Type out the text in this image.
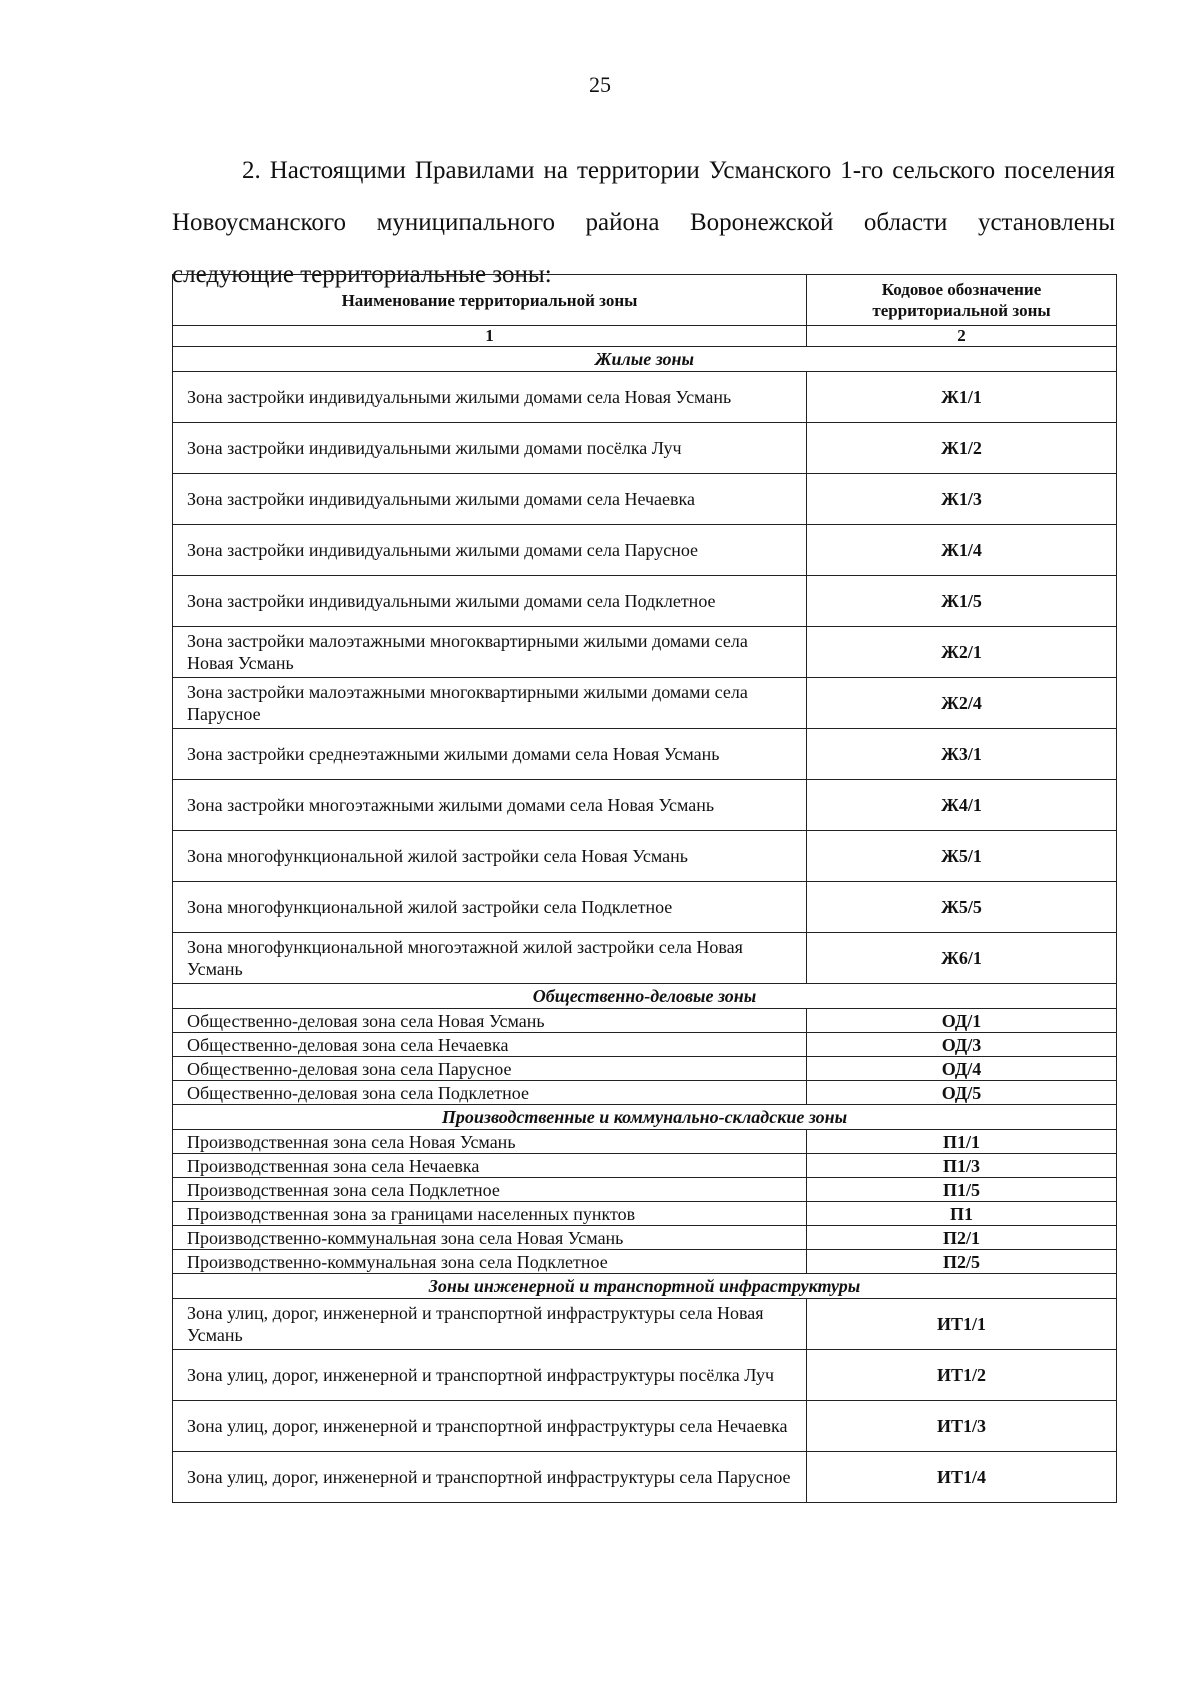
25

2. Настоящими Правилами на территории Усманского 1-го сельского поселения Новоусманского муниципального района Воронежской области установлены следующие территориальные зоны:

Наименование территориальной зоны	Кодовое обозначение территориальной зоны
1	2
Жилые зоны	
Зона застройки индивидуальными жилыми домами села Новая Усмань	Ж1/1
Зона застройки индивидуальными жилыми домами посёлка Луч	Ж1/2
Зона застройки индивидуальными жилыми домами села Нечаевка	Ж1/3
Зона застройки индивидуальными жилыми домами села Парусное	Ж1/4
Зона застройки индивидуальными жилыми домами села Подклетное	Ж1/5
Зона застройки малоэтажными многоквартирными жилыми домами села Новая Усмань	Ж2/1
Зона застройки малоэтажными многоквартирными жилыми домами села Парусное	Ж2/4
Зона застройки среднеэтажными жилыми домами села Новая Усмань	Ж3/1
Зона застройки многоэтажными жилыми домами села Новая Усмань	Ж4/1
Зона многофункциональной жилой застройки села Новая Усмань	Ж5/1
Зона многофункциональной жилой застройки села Подклетное	Ж5/5
Зона многофункциональной многоэтажной жилой застройки села Новая Усмань	Ж6/1
Общественно-деловые зоны	
Общественно-деловая зона села Новая Усмань	ОД/1
Общественно-деловая зона села Нечаевка	ОД/3
Общественно-деловая зона села Парусное	ОД/4
Общественно-деловая зона села Подклетное	ОД/5
Производственные и коммунально-складские зоны	
Производственная зона села Новая Усмань	П1/1
Производственная зона села Нечаевка	П1/3
Производственная зона села Подклетное	П1/5
Производственная зона за границами населенных пунктов	П1
Производственно-коммунальная зона села Новая Усмань	П2/1
Производственно-коммунальная зона села Подклетное	П2/5
Зоны инженерной и транспортной инфраструктуры	
Зона улиц, дорог, инженерной и транспортной инфраструктуры села Новая Усмань	ИТ1/1
Зона улиц, дорог, инженерной и транспортной инфраструктуры посёлка Луч	ИТ1/2
Зона улиц, дорог, инженерной и транспортной инфраструктуры села Нечаевка	ИТ1/3
Зона улиц, дорог, инженерной и транспортной инфраструктуры села Парусное	ИТ1/4
